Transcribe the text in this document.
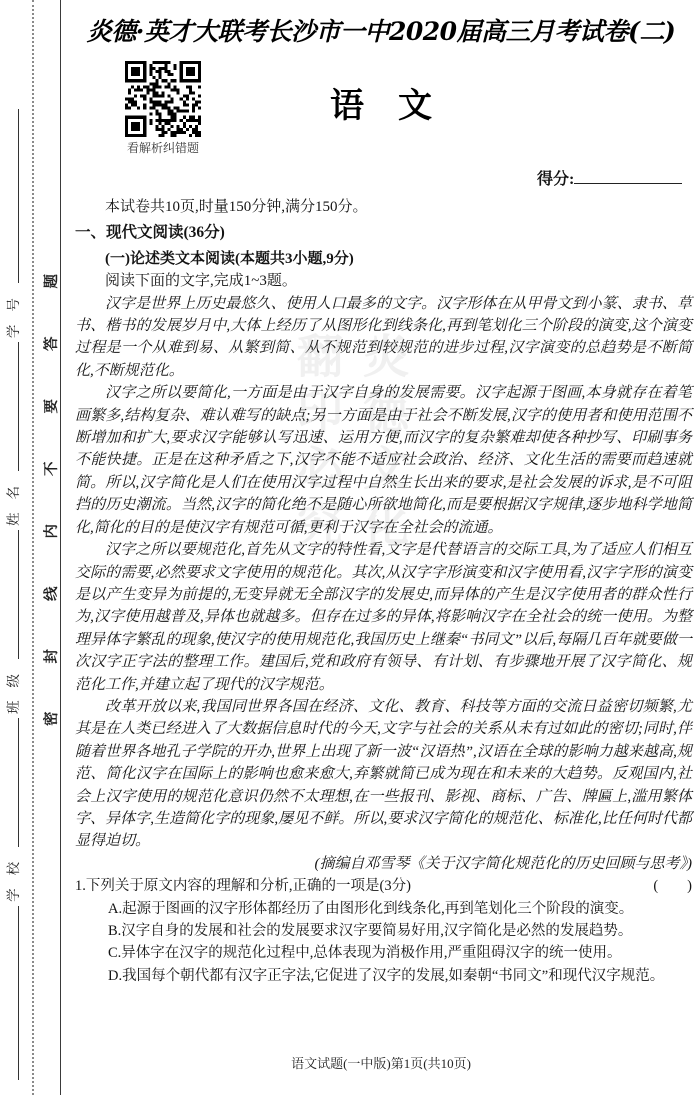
学校
班级
姓名
学号
密
封
线
内
不
要
答
题
炎德文化
翻印必究
炎德·英才大联考长沙市一中2020届高三月考试卷(二)
看解析纠错题
语　文
得分:

本试卷共10页,时量150分钟,满分150分。

一、现代文阅读(36分)
(一)论述类文本阅读(本题共3小题,9分)

阅读下面的文字,完成1~3题。

汉字是世界上历史最悠久、使用人口最多的文字。汉字形体在从甲骨文到小篆、隶书、草书、楷书的发展岁月中,大体上经历了从图形化到线条化,再到笔划化三个阶段的演变,这个演变过程是一个从难到易、从繁到简、从不规范到较规范的进步过程,汉字演变的总趋势是不断简化,不断规范化。

汉字之所以要简化,一方面是由于汉字自身的发展需要。汉字起源于图画,本身就存在着笔画繁多,结构复杂、难认难写的缺点;另一方面是由于社会不断发展,汉字的使用者和使用范围不断增加和扩大,要求汉字能够认写迅速、运用方便,而汉字的复杂繁难却使各种抄写、印刷事务不能快捷。正是在这种矛盾之下,汉字不能不适应社会政治、经济、文化生活的需要而趋速就简。所以,汉字简化是人们在使用汉字过程中自然生长出来的要求,是社会发展的诉求,是不可阻挡的历史潮流。当然,汉字的简化绝不是随心所欲地简化,而是要根据汉字规律,逐步地科学地简化,简化的目的是使汉字有规范可循,更利于汉字在全社会的流通。

汉字之所以要规范化,首先从文字的特性看,文字是代替语言的交际工具,为了适应人们相互交际的需要,必然要求文字使用的规范化。其次,从汉字字形演变和汉字使用看,汉字字形的演变是以产生变异为前提的,无变异就无全部汉字的发展史,而异体的产生是汉字使用者的群众性行为,汉字使用越普及,异体也就越多。但存在过多的异体,将影响汉字在全社会的统一使用。为整理异体字繁乱的现象,使汉字的使用规范化,我国历史上继秦“书同文”以后,每隔几百年就要做一次汉字正字法的整理工作。建国后,党和政府有领导、有计划、有步骤地开展了汉字简化、规范化工作,并建立起了现代的汉字规范。

改革开放以来,我国同世界各国在经济、文化、教育、科技等方面的交流日益密切频繁,尤其是在人类已经进入了大数据信息时代的今天,文字与社会的关系从未有过如此的密切;同时,伴随着世界各地孔子学院的开办,世界上出现了新一波“汉语热”,汉语在全球的影响力越来越高,规范、简化汉字在国际上的影响也愈来愈大,弃繁就简已成为现在和未来的大趋势。反观国内,社会上汉字使用的规范化意识仍然不太理想,在一些报刊、影视、商标、广告、牌匾上,滥用繁体字、异体字,生造简化字的现象,屡见不鲜。所以,要求汉字简化的规范化、标准化,比任何时代都显得迫切。

(摘编自邓雪琴《关于汉字简化规范化的历史回顾与思考》)

1.下列关于原文内容的理解和分析,正确的一项是(3分)	(　　)
A.起源于图画的汉字形体都经历了由图形化到线条化,再到笔划化三个阶段的演变。
B.汉字自身的发展和社会的发展要求汉字要简易好用,汉字简化是必然的发展趋势。
C.异体字在汉字的规范化过程中,总体表现为消极作用,严重阻碍汉字的统一使用。
D.我国每个朝代都有汉字正字法,它促进了汉字的发展,如秦朝“书同文”和现代汉字规范。
语文试题(一中版)第1页(共10页)
